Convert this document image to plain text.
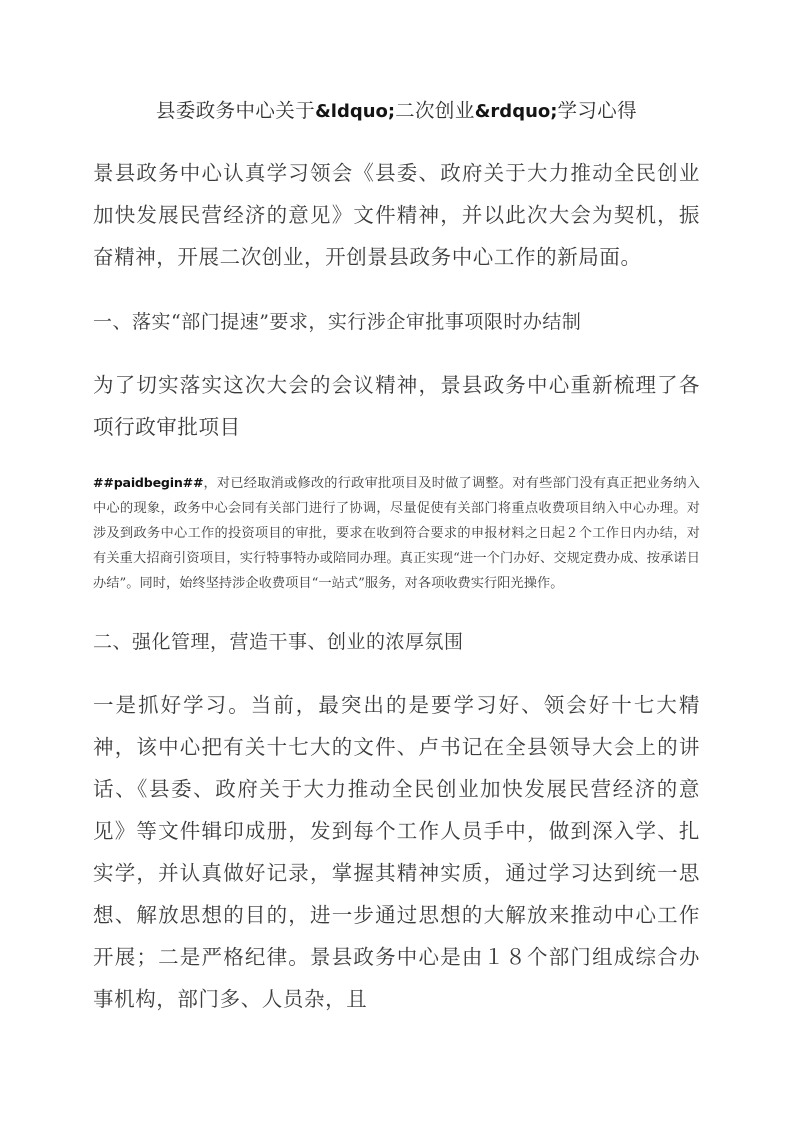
县委政务中心关于&ldquo;二次创业&rdquo;学习心得

景县政务中心认真学习领会《县委、政府关于大力推动全民创业加快发展民营经济的意见》文件精神，并以此次大会为契机，振奋精神，开展二次创业，开创景县政务中心工作的新局面。

一、落实“部门提速”要求，实行涉企审批事项限时办结制

为了切实落实这次大会的会议精神，景县政务中心重新梳理了各项行政审批项目

##paidbegin##，对已经取消或修改的行政审批项目及时做了调整。对有些部门没有真正把业务纳入中心的现象，政务中心会同有关部门进行了协调，尽量促使有关部门将重点收费项目纳入中心办理。对涉及到政务中心工作的投资项目的审批，要求在收到符合要求的申报材料之日起２个工作日内办结，对有关重大招商引资项目，实行特事特办或陪同办理。真正实现“进一个门办好、交规定费办成、按承诺日办结”。同时，始终坚持涉企收费项目“一站式”服务，对各项收费实行阳光操作。

二、强化管理，营造干事、创业的浓厚氛围

一是抓好学习。当前，最突出的是要学习好、领会好十七大精神，该中心把有关十七大的文件、卢书记在全县领导大会上的讲话、《县委、政府关于大力推动全民创业加快发展民营经济的意见》等文件辑印成册，发到每个工作人员手中，做到深入学、扎实学，并认真做好记录，掌握其精神实质，通过学习达到统一思想、解放思想的目的，进一步通过思想的大解放来推动中心工作开展；二是严格纪律。景县政务中心是由１８个部门组成综合办事机构，部门多、人员杂，且
